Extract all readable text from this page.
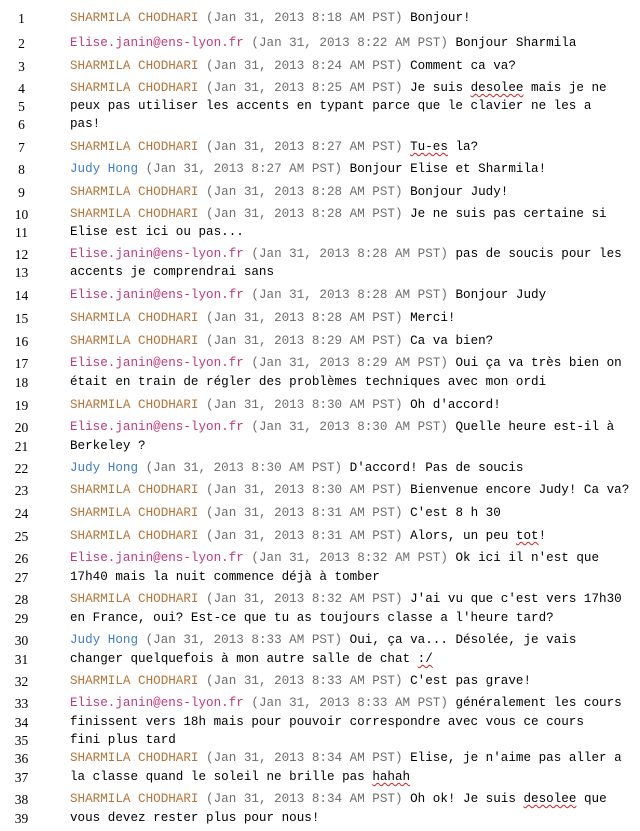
1	SHARMILA CHODHARI (Jan 31, 2013 8:18 AM PST) Bonjour!
2	Elise.janin@ens-lyon.fr (Jan 31, 2013 8:22 AM PST) Bonjour Sharmila
3	SHARMILA CHODHARI (Jan 31, 2013 8:24 AM PST) Comment ca va?
4	SHARMILA CHODHARI (Jan 31, 2013 8:25 AM PST) Je suis desolee mais je ne
5	peux pas utiliser les accents en typant parce que le clavier ne les a
6	pas!
7	SHARMILA CHODHARI (Jan 31, 2013 8:27 AM PST) Tu-es la?
8	Judy Hong (Jan 31, 2013 8:27 AM PST) Bonjour Elise et Sharmila!
9	SHARMILA CHODHARI (Jan 31, 2013 8:28 AM PST) Bonjour Judy!
10	SHARMILA CHODHARI (Jan 31, 2013 8:28 AM PST) Je ne suis pas certaine si
11	Elise est ici ou pas...
12	Elise.janin@ens-lyon.fr (Jan 31, 2013 8:28 AM PST) pas de soucis pour les
13	accents je comprendrai sans
14	Elise.janin@ens-lyon.fr (Jan 31, 2013 8:28 AM PST) Bonjour Judy
15	SHARMILA CHODHARI (Jan 31, 2013 8:28 AM PST) Merci!
16	SHARMILA CHODHARI (Jan 31, 2013 8:29 AM PST) Ca va bien?
17	Elise.janin@ens-lyon.fr (Jan 31, 2013 8:29 AM PST) Oui ça va très bien on
18	était en train de régler des problèmes techniques avec mon ordi
19	SHARMILA CHODHARI (Jan 31, 2013 8:30 AM PST) Oh d'accord!
20	Elise.janin@ens-lyon.fr (Jan 31, 2013 8:30 AM PST) Quelle heure est-il à
21	Berkeley ?
22	Judy Hong (Jan 31, 2013 8:30 AM PST) D'accord! Pas de soucis
23	SHARMILA CHODHARI (Jan 31, 2013 8:30 AM PST) Bienvenue encore Judy! Ca va?
24	SHARMILA CHODHARI (Jan 31, 2013 8:31 AM PST) C'est 8 h 30
25	SHARMILA CHODHARI (Jan 31, 2013 8:31 AM PST) Alors, un peu tot!
26	Elise.janin@ens-lyon.fr (Jan 31, 2013 8:32 AM PST) Ok ici il n'est que
27	17h40 mais la nuit commence déjà à tomber
28	SHARMILA CHODHARI (Jan 31, 2013 8:32 AM PST) J'ai vu que c'est vers 17h30
29	en France, oui? Est-ce que tu as toujours classe a l'heure tard?
30	Judy Hong (Jan 31, 2013 8:33 AM PST) Oui, ça va... Désolée, je vais
31	changer quelquefois à mon autre salle de chat :/
32	SHARMILA CHODHARI (Jan 31, 2013 8:33 AM PST) C'est pas grave!
33	Elise.janin@ens-lyon.fr (Jan 31, 2013 8:33 AM PST) généralement les cours
34	finissent vers 18h mais pour pouvoir correspondre avec vous ce cours
35	fini plus tard
36	SHARMILA CHODHARI (Jan 31, 2013 8:34 AM PST) Elise, je n'aime pas aller a
37	la classe quand le soleil ne brille pas hahah
38	SHARMILA CHODHARI (Jan 31, 2013 8:34 AM PST) Oh ok! Je suis desolee que
39	vous devez rester plus pour nous!
